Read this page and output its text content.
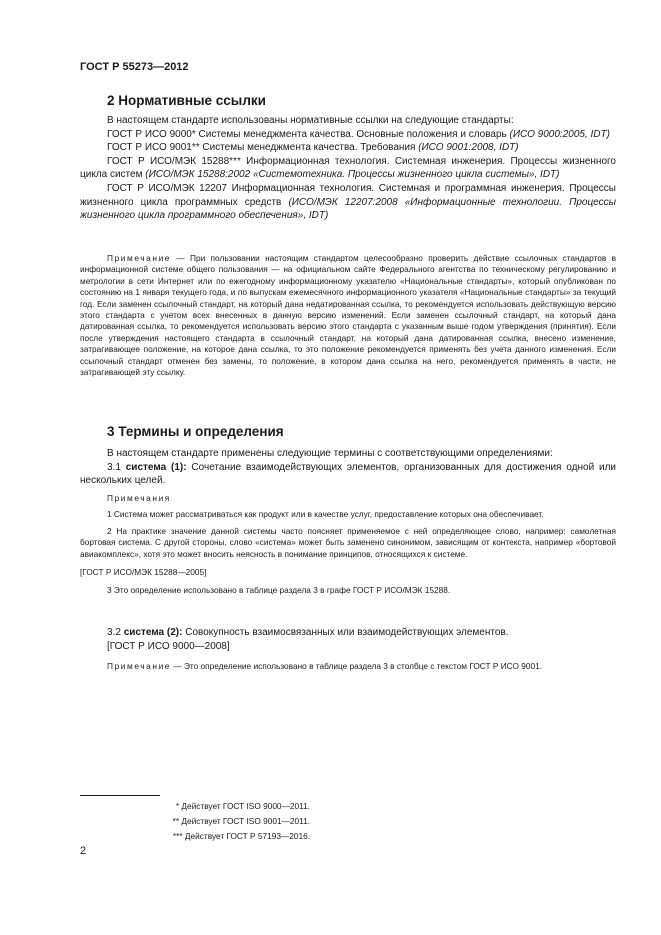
ГОСТ Р 55273—2012
2 Нормативные ссылки

В настоящем стандарте использованы нормативные ссылки на следующие стандарты:

ГОСТ Р ИСО 9000* Системы менеджмента качества. Основные положения и словарь (ИСО 9000:2005, IDT)

ГОСТ Р ИСО 9001** Системы менеджмента качества. Требования (ИСО 9001:2008, IDT)

ГОСТ Р ИСО/МЭК 15288*** Информационная технология. Системная инженерия. Процессы жизненного цикла систем (ИСО/МЭК 15288:2002 «Системотехника. Процессы жизненного цикла системы», IDT)

ГОСТ Р ИСО/МЭК 12207 Информационная технология. Системная и программная инженерия. Процессы жизненного цикла программных средств (ИСО/МЭК 12207:2008 «Информационные технологии. Процессы жизненного цикла программного обеспечения», IDT)

Примечание — При пользовании настоящим стандартом целесообразно проверить действие ссылочных стандартов в информационной системе общего пользования — на официальном сайте Федерального агентства по техническому регулированию и метрологии в сети Интернет или по ежегодному информационному указателю «Национальные стандарты», который опубликован по состоянию на 1 января текущего года, и по выпускам ежемесячного информационного указателя «Национальные стандарты» за текущий год. Если заменен ссылочный стандарт, на который дана недатированная ссылка, то рекомендуется использовать действующую версию этого стандарта с учетом всех внесенных в данную версию изменений. Если заменен ссылочный стандарт, на который дана датированная ссылка, то рекомендуется использовать версию этого стандарта с указанным выше годом утверждения (принятия). Если после утверждения настоящего стандарта в ссылочный стандарт, на который дана датированная ссылка, внесено изменение, затрагивающее положение, на которое дана ссылка, то это положение рекомендуется применять без учета данного изменения. Если ссылочный стандарт отменен без замены, то положение, в котором дана ссылка на него, рекомендуется применять в части, не затрагивающей эту ссылку.

3 Термины и определения

В настоящем стандарте применены следующие термины с соответствующими определениями:

3.1 система (1): Сочетание взаимодействующих элементов, организованных для достижения одной или нескольких целей.

Примечания

1 Система может рассматриваться как продукт или в качестве услуг, предоставление которых она обеспечивает.

2 На практике значение данной системы часто поясняет применяемое с ней определяющее слово, например: самолетная бортовая система. С другой стороны, слово «система» может быть заменено синонимом, зависящим от контекста, например «бортовой авиакомплекс», хотя это может вносить неясность в понимание принципов, относящихся к системе.

[ГОСТ Р ИСО/МЭК 15288—2005]

3 Это определение использовано в таблице раздела 3 в графе ГОСТ Р ИСО/МЭК 15288.

3.2 система (2): Совокупность взаимосвязанных или взаимодействующих элементов.

[ГОСТ Р ИСО 9000—2008]

Примечание — Это определение использовано в таблице раздела 3 в столбце с текстом ГОСТ Р ИСО 9001.

* Действует ГОСТ ISO 9000—2011.
** Действует ГОСТ ISO 9001—2011.
*** Действует ГОСТ Р 57193—2016.
2
